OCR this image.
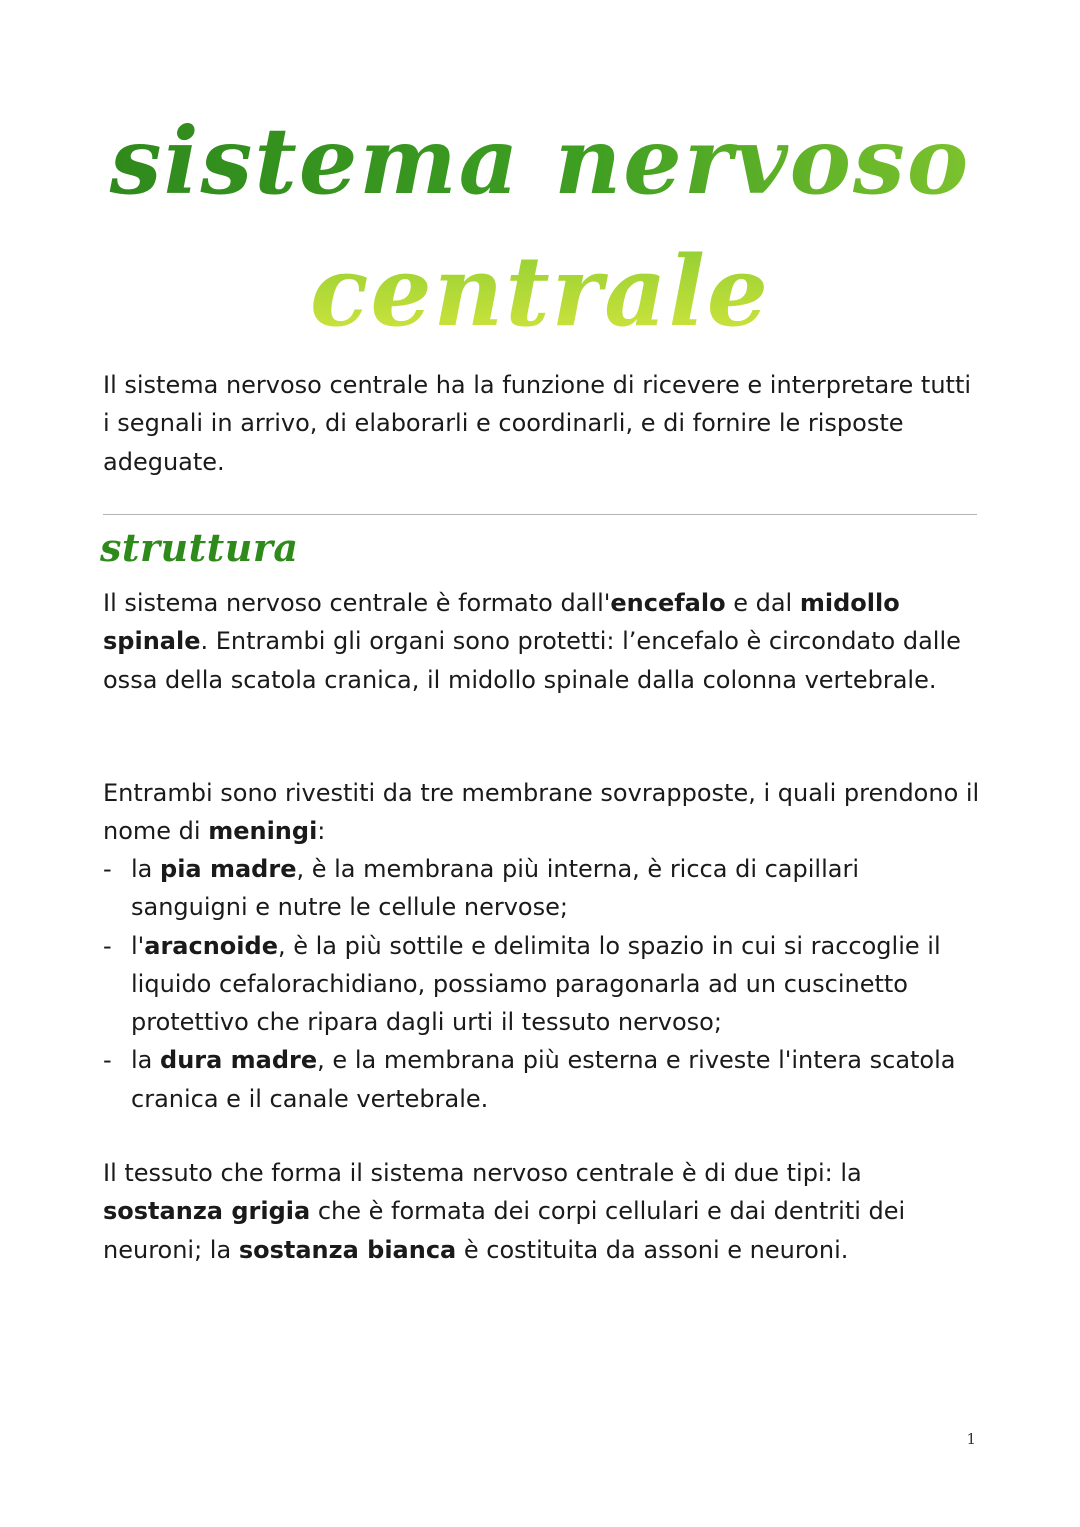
sistema nervoso
centrale

Il sistema nervoso centrale ha la funzione di ricevere e interpretare tutti i segnali in arrivo, di elaborarli e coordinarli, e di fornire le risposte adeguate.

struttura

Il sistema nervoso centrale è formato dall'encefalo e dal midollo spinale. Entrambi gli organi sono protetti: l’encefalo è circondato dalle ossa della scatola cranica, il midollo spinale dalla colonna vertebrale.

Entrambi sono rivestiti da tre membrane sovrapposte, i quali prendono il nome di meningi:

- la pia madre, è la membrana più interna, è ricca di capillari sanguigni e nutre le cellule nervose;
- l'aracnoide, è la più sottile e delimita lo spazio in cui si raccoglie il liquido cefalorachidiano, possiamo paragonarla ad un cuscinetto protettivo che ripara dagli urti il tessuto nervoso;
- la dura madre, e la membrana più esterna e riveste l'intera scatola cranica e il canale vertebrale.

Il tessuto che forma il sistema nervoso centrale è di due tipi: la sostanza grigia che è formata dei corpi cellulari e dai dentriti dei neuroni; la sostanza bianca è costituita da assoni e neuroni.

1
